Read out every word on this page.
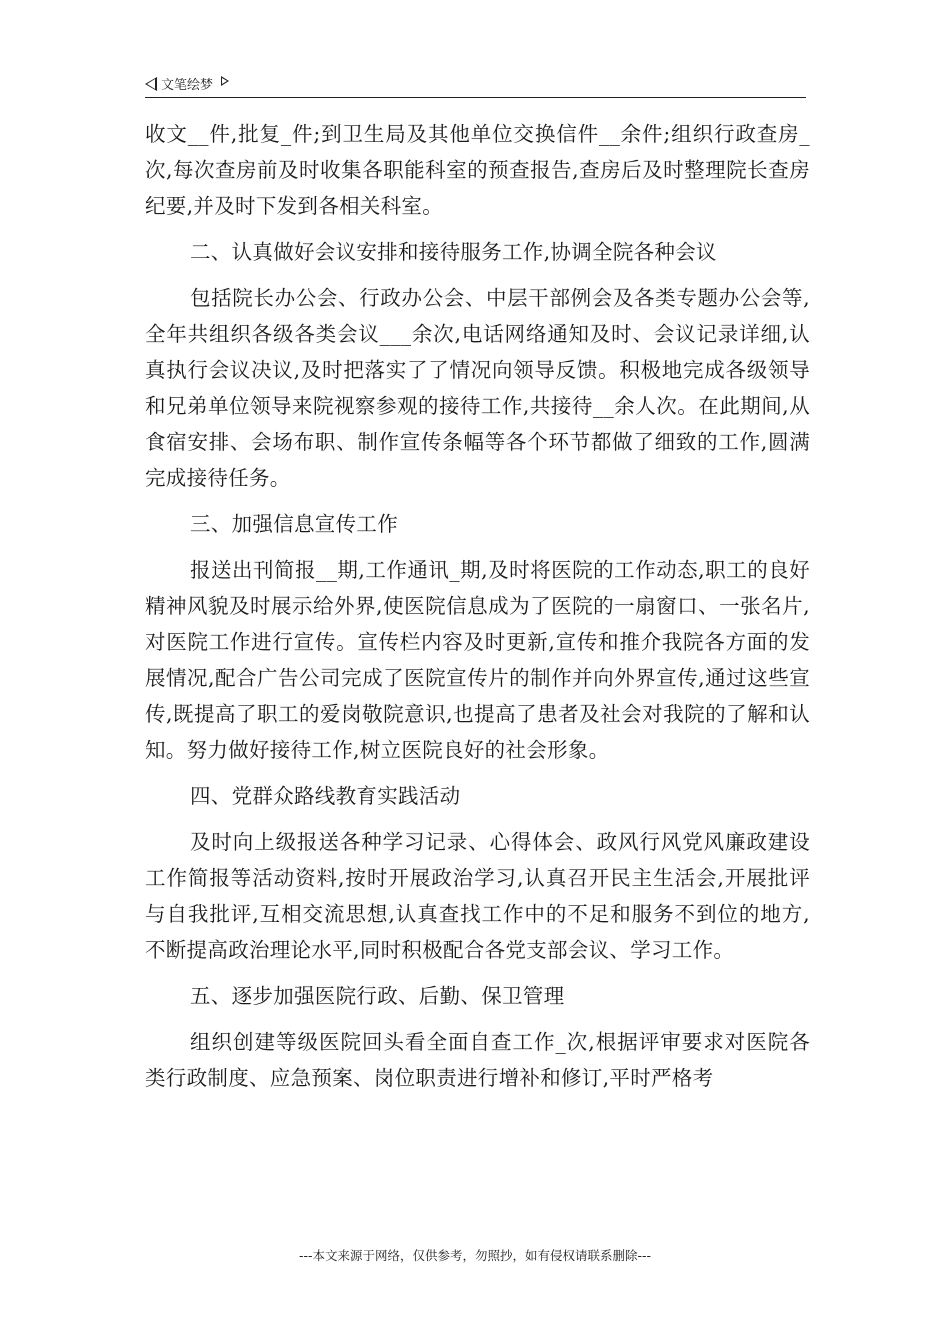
文笔绘梦

收文__件,批复_件;到卫生局及其他单位交换信件__余件;组织行政查房_次,每次查房前及时收集各职能科室的预查报告,查房后及时整理院长查房纪要,并及时下发到各相关科室。

二、认真做好会议安排和接待服务工作,协调全院各种会议

包括院长办公会、行政办公会、中层干部例会及各类专题办公会等,全年共组织各级各类会议___余次,电话网络通知及时、会议记录详细,认真执行会议决议,及时把落实了了情况向领导反馈。积极地完成各级领导和兄弟单位领导来院视察参观的接待工作,共接待__余人次。在此期间,从食宿安排、会场布职、制作宣传条幅等各个环节都做了细致的工作,圆满完成接待任务。

三、加强信息宣传工作

报送出刊简报__期,工作通讯_期,及时将医院的工作动态,职工的良好精神风貌及时展示给外界,使医院信息成为了医院的一扇窗口、一张名片,对医院工作进行宣传。宣传栏内容及时更新,宣传和推介我院各方面的发展情况,配合广告公司完成了医院宣传片的制作并向外界宣传,通过这些宣传,既提高了职工的爱岗敬院意识,也提高了患者及社会对我院的了解和认知。努力做好接待工作,树立医院良好的社会形象。

四、党群众路线教育实践活动

及时向上级报送各种学习记录、心得体会、政风行风党风廉政建设工作简报等活动资料,按时开展政治学习,认真召开民主生活会,开展批评与自我批评,互相交流思想,认真查找工作中的不足和服务不到位的地方,不断提高政治理论水平,同时积极配合各党支部会议、学习工作。

五、逐步加强医院行政、后勤、保卫管理

组织创建等级医院回头看全面自查工作_次,根据评审要求对医院各类行政制度、应急预案、岗位职责进行增补和修订,平时严格考

---本文来源于网络，仅供参考，勿照抄，如有侵权请联系删除---
